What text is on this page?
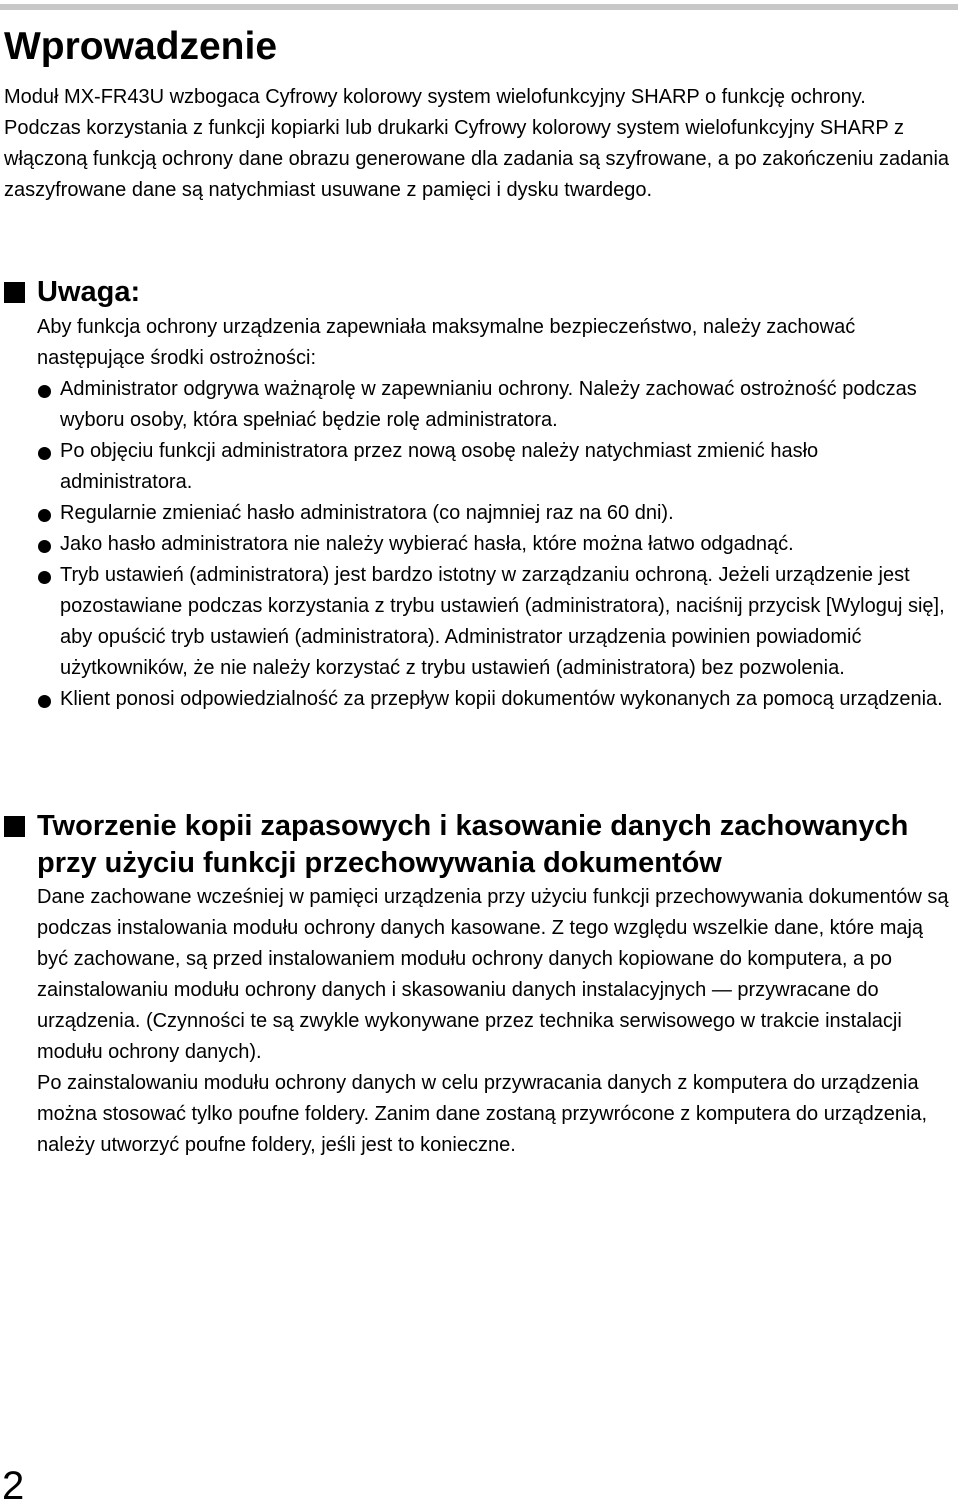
Wprowadzenie

Moduł MX-FR43U wzbogaca Cyfrowy kolorowy system wielofunkcyjny SHARP o funkcję ochrony.

Podczas korzystania z funkcji kopiarki lub drukarki Cyfrowy kolorowy system wielofunkcyjny SHARP z włączoną funkcją ochrony dane obrazu generowane dla zadania są szyfrowane, a po zakończeniu zadania zaszyfrowane dane są natychmiast usuwane z pamięci i dysku twardego.

Uwaga:

Aby funkcja ochrony urządzenia zapewniała maksymalne bezpieczeństwo, należy zachować następujące środki ostrożności:

Administrator odgrywa ważnąrolę w zapewnianiu ochrony. Należy zachować ostrożność podczas wyboru osoby, która spełniać będzie rolę administratora.
Po objęciu funkcji administratora przez nową osobę należy natychmiast zmienić hasło administratora.
Regularnie zmieniać hasło administratora (co najmniej raz na 60 dni).
Jako hasło administratora nie należy wybierać hasła, które można łatwo odgadnąć.
Tryb ustawień (administratora) jest bardzo istotny w zarządzaniu ochroną. Jeżeli urządzenie jest pozostawiane podczas korzystania z trybu ustawień (administratora), naciśnij przycisk [Wyloguj się], aby opuścić tryb ustawień (administratora). Administrator urządzenia powinien powiadomić użytkowników, że nie należy korzystać z trybu ustawień (administratora) bez pozwolenia.
Klient ponosi odpowiedzialność za przepływ kopii dokumentów wykonanych za pomocą urządzenia.
Tworzenie kopii zapasowych i kasowanie danych zachowanych przy użyciu funkcji przechowywania dokumentów

Dane zachowane wcześniej w pamięci urządzenia przy użyciu funkcji przechowywania dokumentów są podczas instalowania modułu ochrony danych kasowane. Z tego względu wszelkie dane, które mają być zachowane, są przed instalowaniem modułu ochrony danych kopiowane do komputera, a po zainstalowaniu modułu ochrony danych i skasowaniu danych instalacyjnych — przywracane do urządzenia. (Czynności te są zwykle wykonywane przez technika serwisowego w trakcie instalacji modułu ochrony danych).

Po zainstalowaniu modułu ochrony danych w celu przywracania danych z komputera do urządzenia można stosować tylko poufne foldery. Zanim dane zostaną przywrócone z komputera do urządzenia, należy utworzyć poufne foldery, jeśli jest to konieczne.

2
